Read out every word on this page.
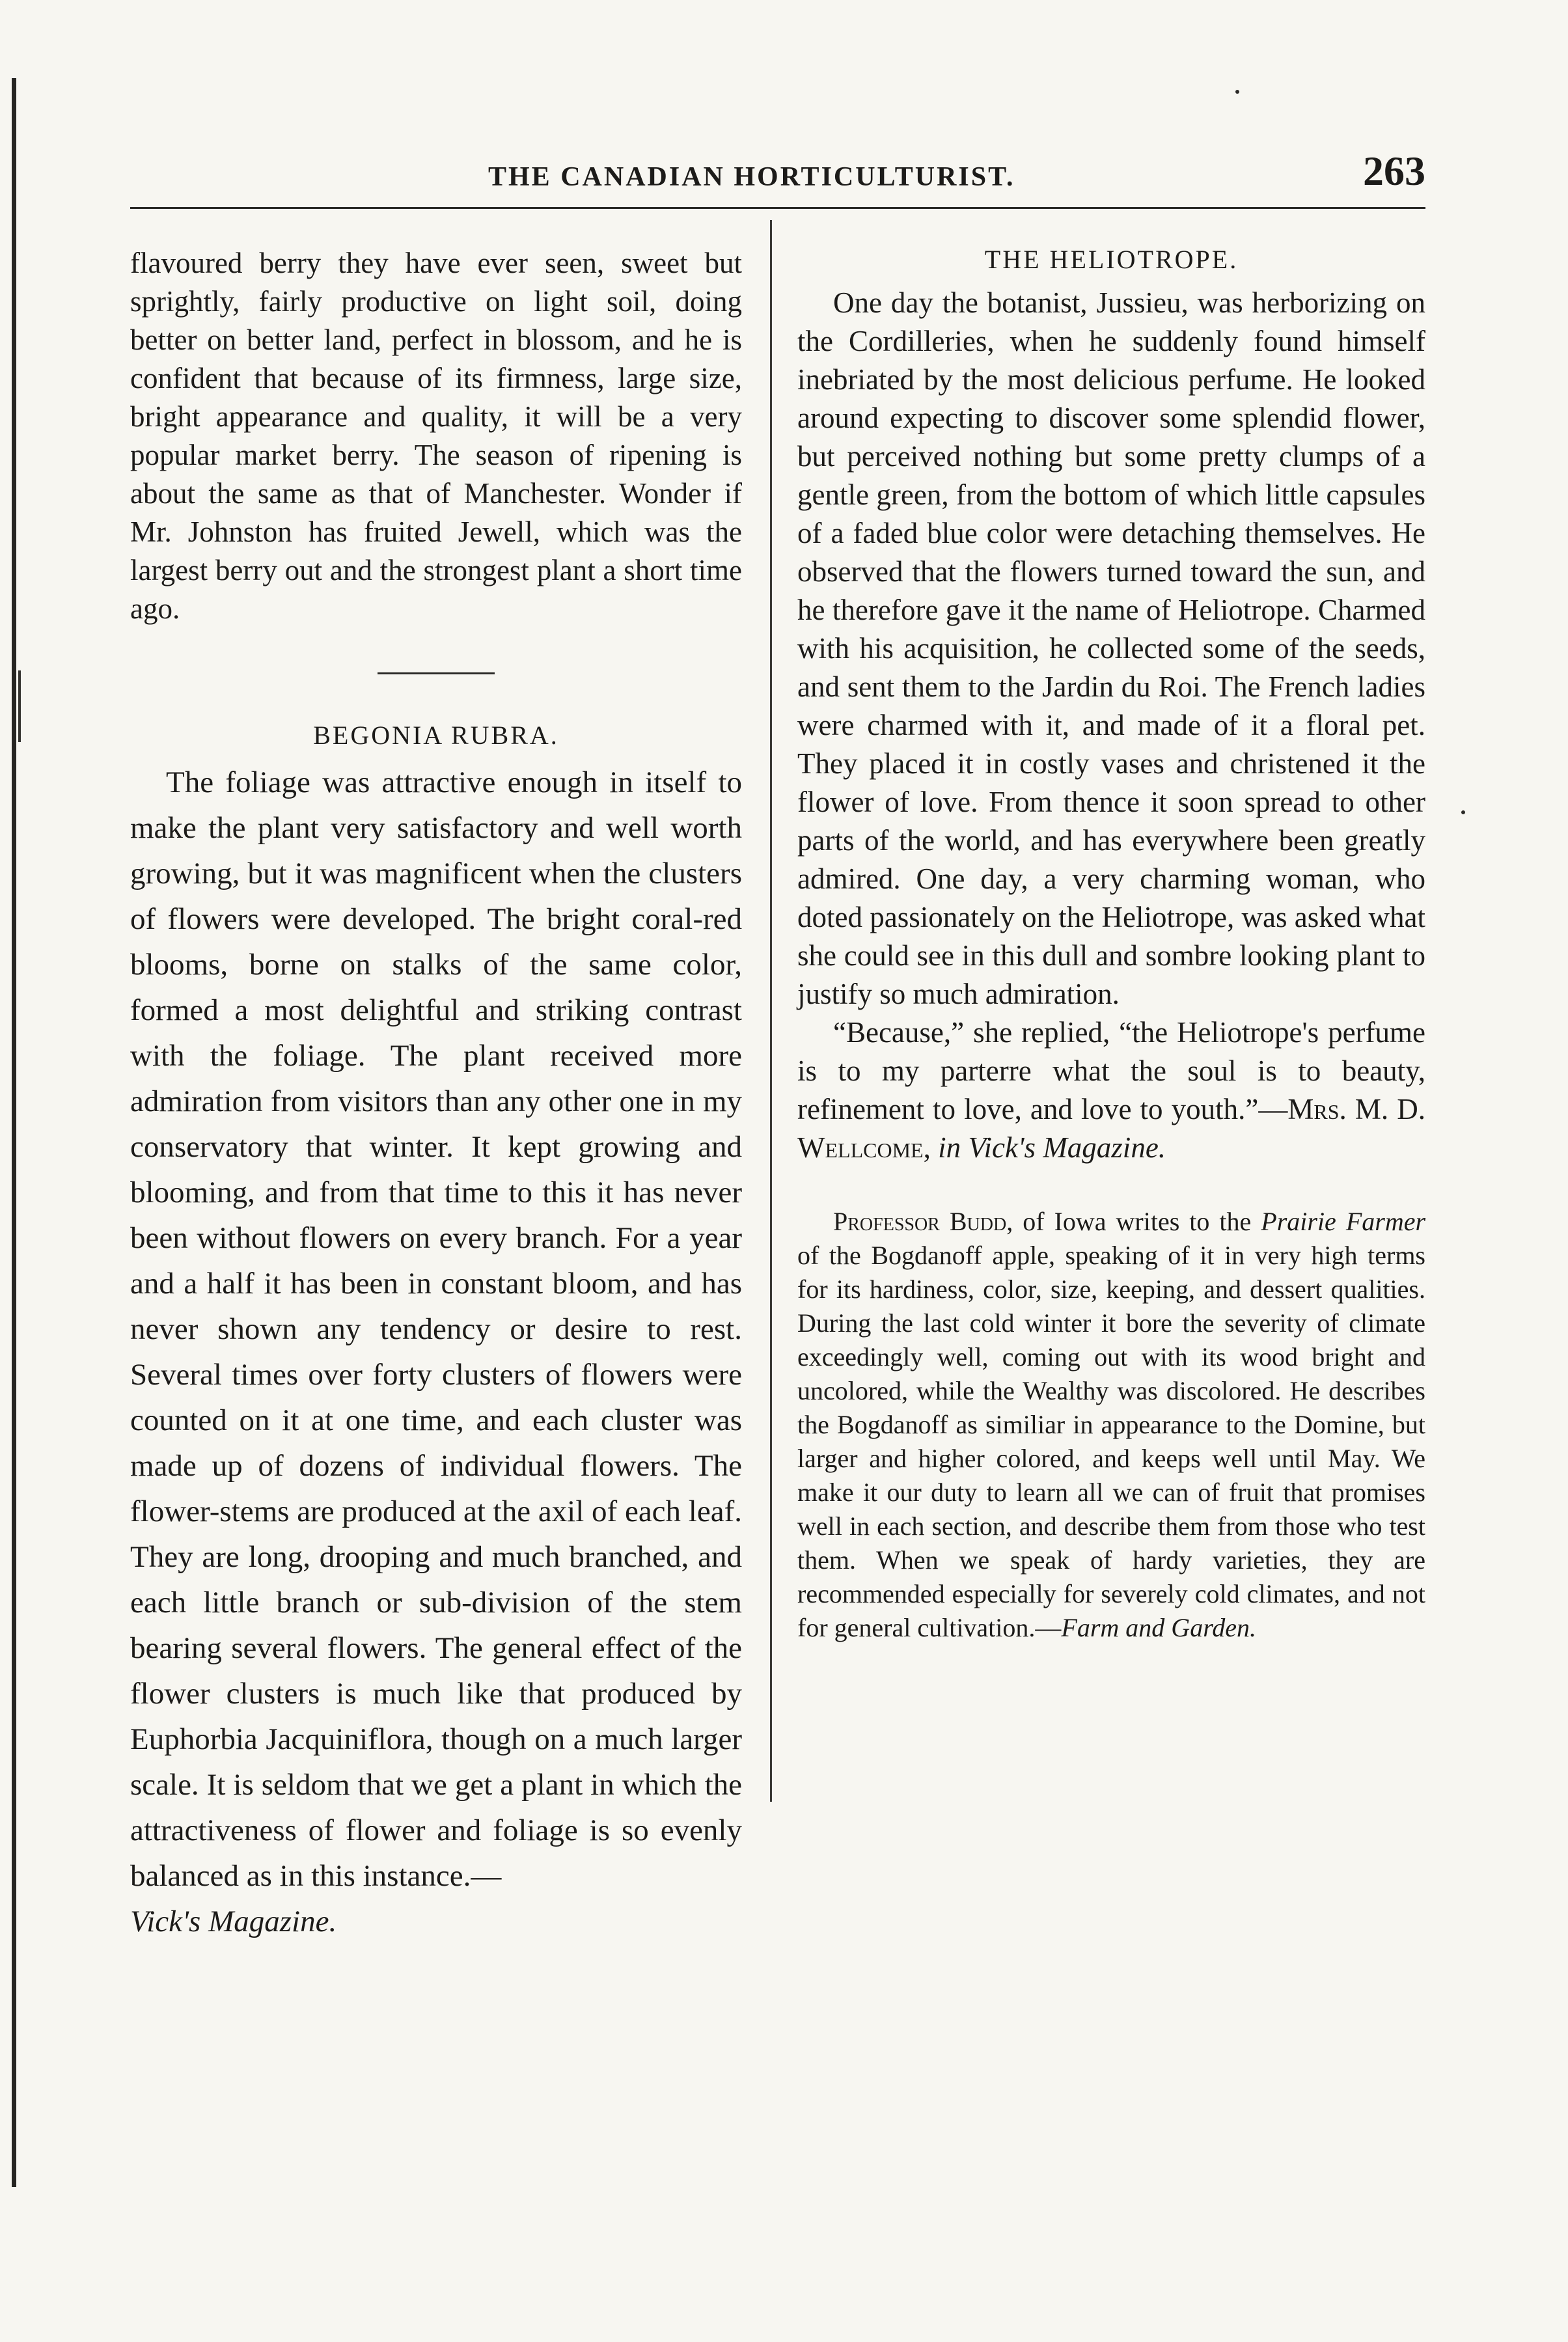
THE CANADIAN HORTICULTURIST.	263

flavoured berry they have ever seen, sweet but sprightly, fairly productive on light soil, doing better on better land, perfect in blossom, and he is confident that because of its firmness, large size, bright appearance and quality, it will be a very popular market berry. The season of ripening is about the same as that of Manchester. Wonder if Mr. Johnston has fruited Jewell, which was the largest berry out and the strongest plant a short time ago.

BEGONIA RUBRA.

The foliage was attractive enough in itself to make the plant very satisfactory and well worth growing, but it was magnificent when the clusters of flowers were developed. The bright coral-red blooms, borne on stalks of the same color, formed a most delightful and striking contrast with the foliage. The plant received more admiration from visitors than any other one in my conservatory that winter. It kept growing and blooming, and from that time to this it has never been without flowers on every branch. For a year and a half it has been in constant bloom, and has never shown any tendency or desire to rest. Several times over forty clusters of flowers were counted on it at one time, and each cluster was made up of dozens of individual flowers. The flower-stems are produced at the axil of each leaf. They are long, drooping and much branched, and each little branch or sub-division of the stem bearing several flowers. The general effect of the flower clusters is much like that produced by Euphorbia Jacquiniflora, though on a much larger scale. It is seldom that we get a plant in which the attractiveness of flower and foliage is so evenly balanced as in this instance.—
Vick's Magazine.

THE HELIOTROPE.

One day the botanist, Jussieu, was herborizing on the Cordilleries, when he suddenly found himself inebriated by the most delicious perfume. He looked around expecting to discover some splendid flower, but perceived nothing but some pretty clumps of a gentle green, from the bottom of which little capsules of a faded blue color were detaching themselves. He observed that the flowers turned toward the sun, and he therefore gave it the name of Heliotrope. Charmed with his acquisition, he collected some of the seeds, and sent them to the Jardin du Roi. The French ladies were charmed with it, and made of it a floral pet. They placed it in costly vases and christened it the flower of love. From thence it soon spread to other parts of the world, and has everywhere been greatly admired. One day, a very charming woman, who doted passionately on the Heliotrope, was asked what she could see in this dull and sombre looking plant to justify so much admiration.

“Because,” she replied, “the Heliotrope's perfume is to my parterre what the soul is to beauty, refinement to love, and love to youth.”—Mrs. M. D. Wellcome, in Vick's Magazine.

Professor Budd, of Iowa writes to the Prairie Farmer of the Bogdanoff apple, speaking of it in very high terms for its hardiness, color, size, keeping, and dessert qualities. During the last cold winter it bore the severity of climate exceedingly well, coming out with its wood bright and uncolored, while the Wealthy was discolored. He describes the Bogdanoff as similiar in appearance to the Domine, but larger and higher colored, and keeps well until May. We make it our duty to learn all we can of fruit that promises well in each section, and describe them from those who test them. When we speak of hardy varieties, they are recommended especially for severely cold climates, and not for general cultivation.—Farm and Garden.
